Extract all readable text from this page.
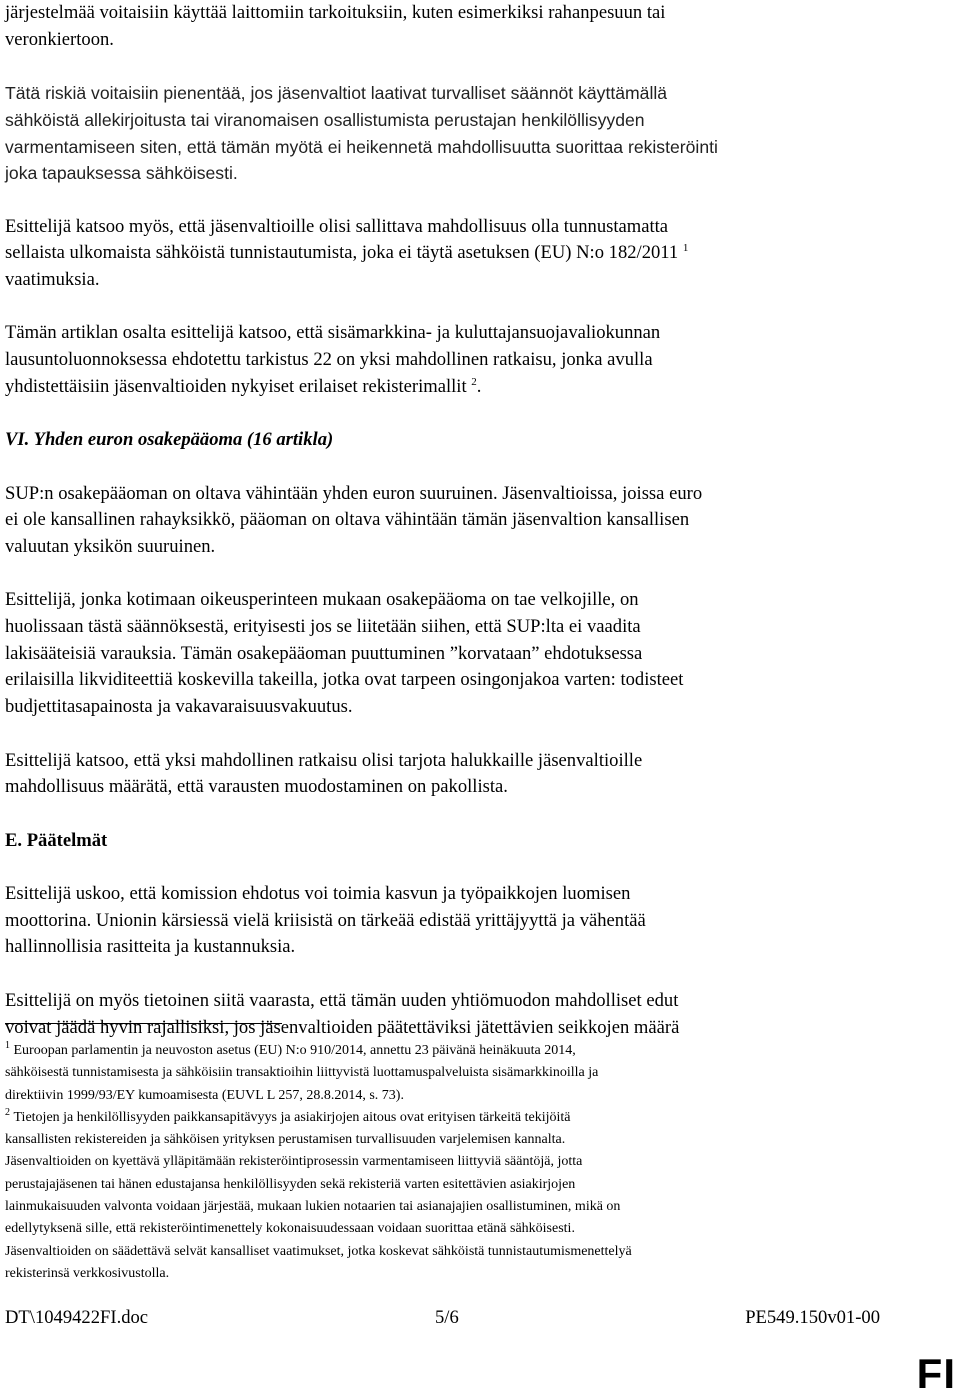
järjestelmää voitaisiin käyttää laittomiin tarkoituksiin, kuten esimerkiksi rahanpesuun tai
veronkiertoon.

Tätä riskiä voitaisiin pienentää, jos jäsenvaltiot laativat turvalliset säännöt käyttämällä
sähköistä allekirjoitusta tai viranomaisen osallistumista perustajan henkilöllisyyden
varmentamiseen siten, että tämän myötä ei heikennetä mahdollisuutta suorittaa rekisteröinti
joka tapauksessa sähköisesti.

Esittelijä katsoo myös, että jäsenvaltioille olisi sallittava mahdollisuus olla tunnustamatta
sellaista ulkomaista sähköistä tunnistautumista, joka ei täytä asetuksen (EU) N:o 182/2011 $^1$
vaatimuksia.

Tämän artiklan osalta esittelijä katsoo, että sisämarkkina- ja kuluttajansuojavaliokunnan
lausuntoluonnoksessa ehdotettu tarkistus 22 on yksi mahdollinen ratkaisu, jonka avulla
yhdistettäisiin jäsenvaltioiden nykyiset erilaiset rekisterimallit $^2$.

VI. Yhden euron osakepääoma (16 artikla)

SUP:n osakepääoman on oltava vähintään yhden euron suuruinen. Jäsenvaltioissa, joissa euro
ei ole kansallinen rahayksikkö, pääoman on oltava vähintään tämän jäsenvaltion kansallisen
valuutan yksikön suuruinen.

Esittelijä, jonka kotimaan oikeusperinteen mukaan osakepääoma on tae velkojille, on
huolissaan tästä säännöksestä, erityisesti jos se liitetään siihen, että SUP:lta ei vaadita
lakisääteisiä varauksia. Tämän osakepääoman puuttuminen ”korvataan” ehdotuksessa
erilaisilla likviditeettiä koskevilla takeilla, jotka ovat tarpeen osingonjakoa varten: todisteet
budjettitasapainosta ja vakavaraisuusvakuutus.

Esittelijä katsoo, että yksi mahdollinen ratkaisu olisi tarjota halukkaille jäsenvaltioille
mahdollisuus määrätä, että varausten muodostaminen on pakollista.

E. Päätelmät

Esittelijä uskoo, että komission ehdotus voi toimia kasvun ja työpaikkojen luomisen
moottorina. Unionin kärsiessä vielä kriisistä on tärkeää edistää yrittäjyyttä ja vähentää
hallinnollisia rasitteita ja kustannuksia.

Esittelijä on myös tietoinen siitä vaarasta, että tämän uuden yhtiömuodon mahdolliset edut
voivat jäädä hyvin rajallisiksi, jos jäsenvaltioiden päätettäviksi jätettävien seikkojen määrä

$^1$ Euroopan parlamentin ja neuvoston asetus (EU) N:o 910/2014, annettu 23 päivänä heinäkuuta 2014,
sähköisestä tunnistamisesta ja sähköisiin transaktioihin liittyvistä luottamuspalveluista sisämarkkinoilla ja
direktiivin 1999/93/EY kumoamisesta (EUVL L 257, 28.8.2014, s. 73).
$^2$ Tietojen ja henkilöllisyyden paikkansapitävyys ja asiakirjojen aitous ovat erityisen tärkeitä tekijöitä
kansallisten rekistereiden ja sähköisen yrityksen perustamisen turvallisuuden varjelemisen kannalta.
Jäsenvaltioiden on kyettävä ylläpitämään rekisteröintiprosessin varmentamiseen liittyviä sääntöjä, jotta
perustajajäsenen tai hänen edustajansa henkilöllisyyden sekä rekisteriä varten esitettävien asiakirjojen
lainmukaisuuden valvonta voidaan järjestää, mukaan lukien notaarien tai asianajajien osallistuminen, mikä on
edellytyksenä sille, että rekisteröintimenettely kokonaisuudessaan voidaan suorittaa etänä sähköisesti.
Jäsenvaltioiden on säädettävä selvät kansalliset vaatimukset, jotka koskevat sähköistä tunnistautumismenettelyä
rekisterinsä verkkosivustolla.
DT\1049422FI.doc	5/6	PE549.150v01-00
FI
